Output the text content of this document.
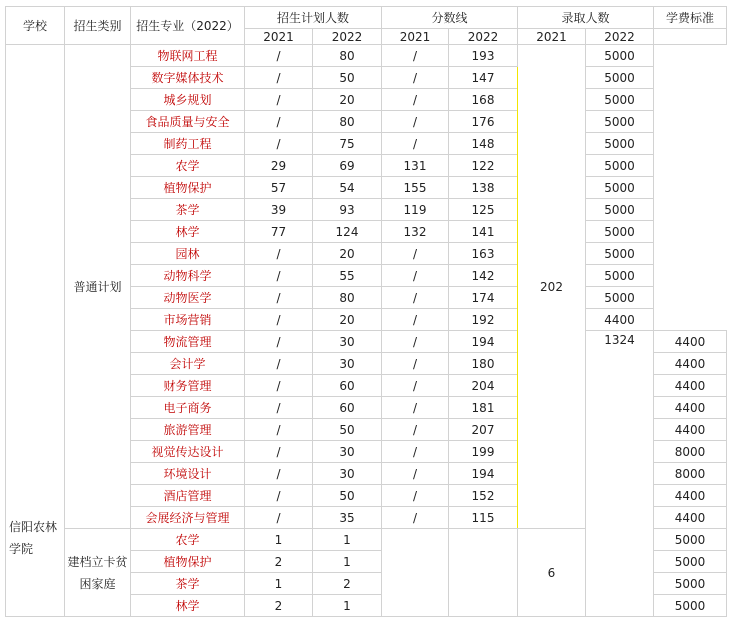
学校	招生类别	招生专业（2022）	招生计划人数		分数线		录取人数		学费标准
			2021	2022	2021	2022	2021	2022	
信阳农林学院	普通计划	物联网工程	/	80	/	193	202	5000	
		数字媒体技术	/	50	/	147		5000	
		城乡规划	/	20	/	168		5000	
		食品质量与安全	/	80	/	176		5000	
		制药工程	/	75	/	148		5000	
		农学	29	69	131	122		5000	
		植物保护	57	54	155	138		5000	
		茶学	39	93	119	125		5000	
		林学	77	124	132	141		5000	
		园林	/	20	/	163		5000	
		动物科学	/	55	/	142		5000	
		动物医学	/	80	/	174		5000	
		市场营销	/	20	/	192		4400	
		物流管理	/	30	/	194		1324	4400
		会计学	/	30	/	180			4400
		财务管理	/	60	/	204			4400
		电子商务	/	60	/	181			4400
		旅游管理	/	50	/	207			4400
		视觉传达设计	/	30	/	199			8000
		环境设计	/	30	/	194			8000
		酒店管理	/	50	/	152			4400
		会展经济与管理	/	35	/	115			4400
	建档立卡贫困家庭	农学	1	1			6		5000
		植物保护	2	1					5000
		茶学	1	2					5000
		林学	2	1					5000
